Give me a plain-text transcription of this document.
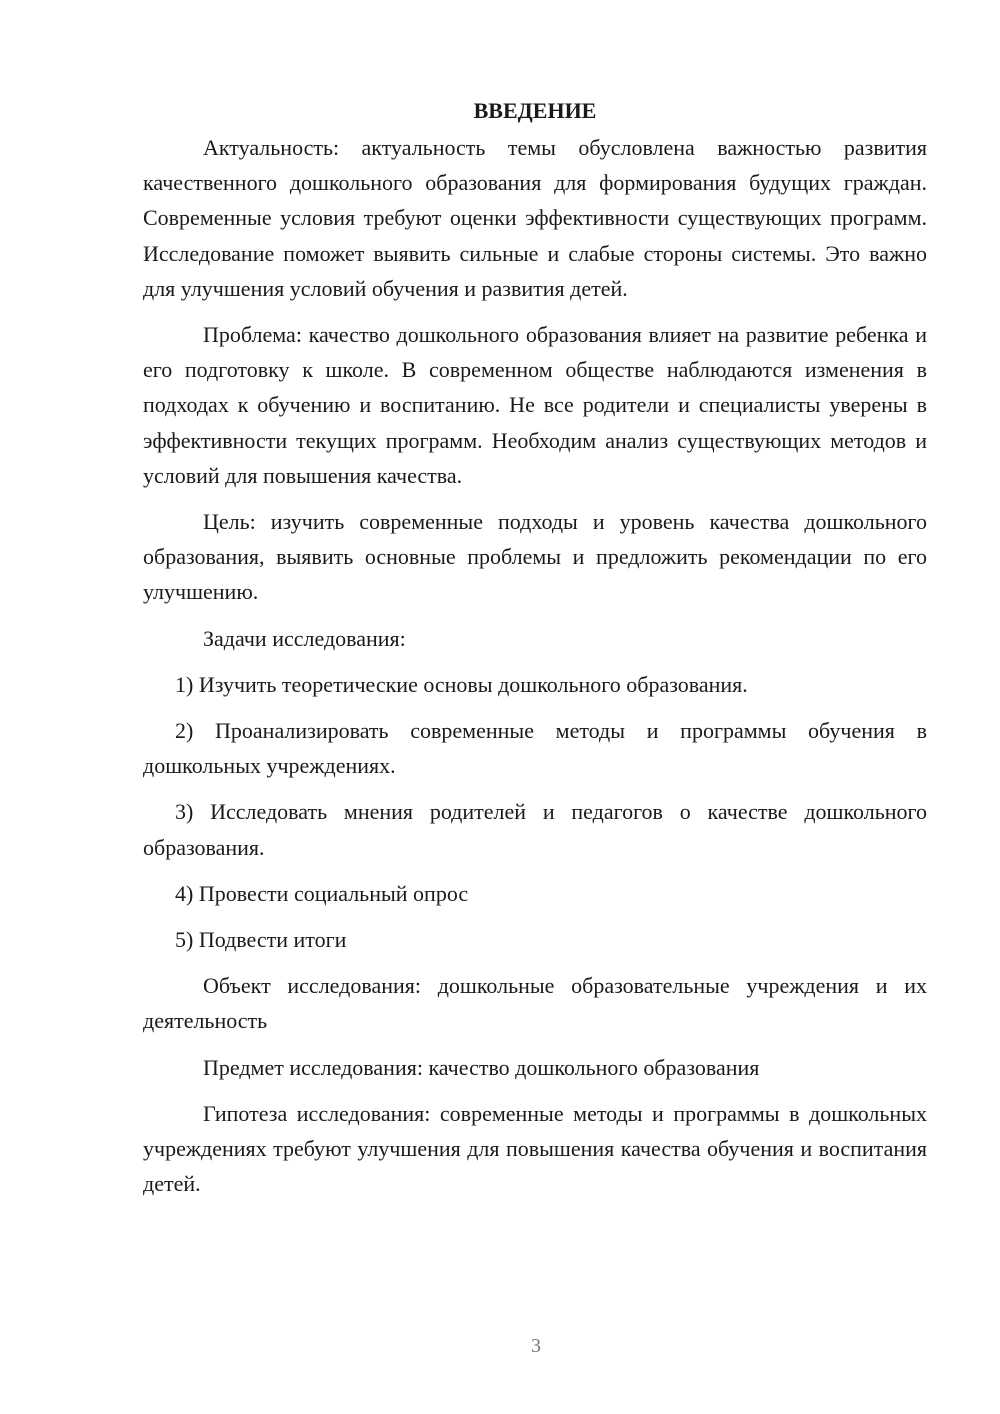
ВВЕДЕНИЕ

Актуальность: актуальность темы обусловлена важностью развития качественного дошкольного образования для формирования будущих граждан. Современные условия требуют оценки эффективности существующих программ. Исследование поможет выявить сильные и слабые стороны системы. Это важно для улучшения условий обучения и развития детей.

Проблема: качество дошкольного образования влияет на развитие ребенка и его подготовку к школе. В современном обществе наблюдаются изменения в подходах к обучению и воспитанию. Не все родители и специалисты уверены в эффективности текущих программ. Необходим анализ существующих методов и условий для повышения качества.

Цель: изучить современные подходы и уровень качества дошкольного образования, выявить основные проблемы и предложить рекомендации по его улучшению.

Задачи исследования:

1) Изучить теоретические основы дошкольного образования.

2) Проанализировать современные методы и программы обучения в дошкольных учреждениях.

3) Исследовать мнения родителей и педагогов о качестве дошкольного образования.

4) Провести социальный опрос

5) Подвести итоги

Объект исследования: дошкольные образовательные учреждения и их деятельность

Предмет исследования: качество дошкольного образования

Гипотеза исследования: современные методы и программы в дошкольных учреждениях требуют улучшения для повышения качества обучения и воспитания детей.

3
